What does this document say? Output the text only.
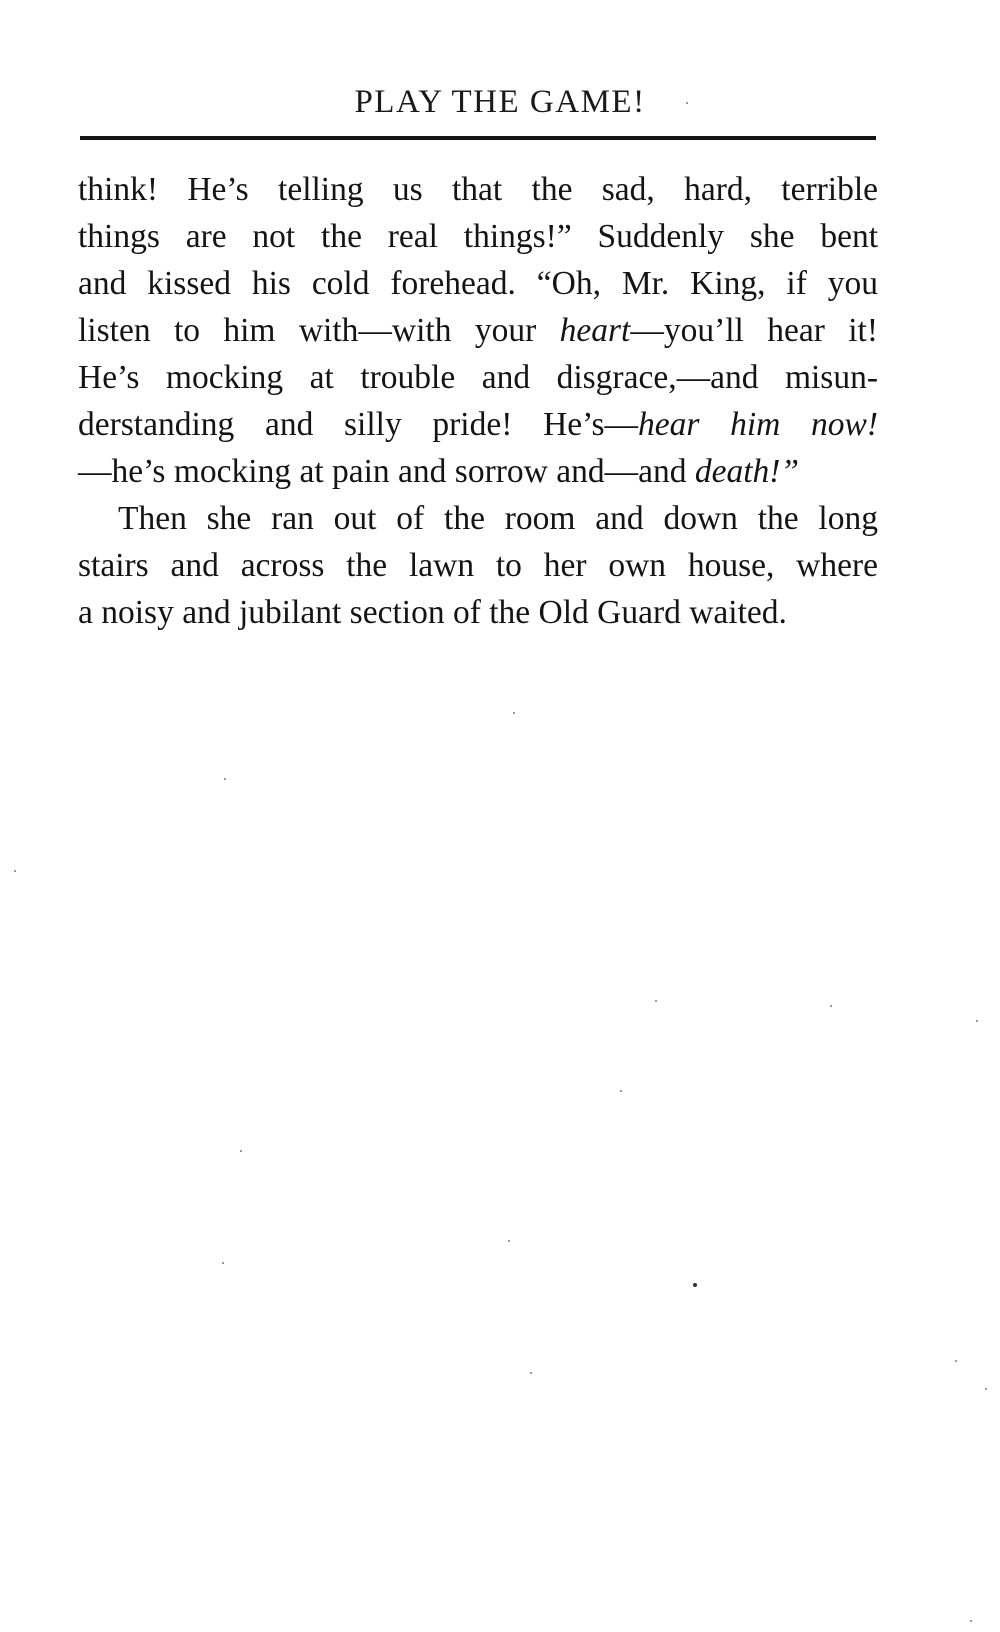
PLAY THE GAME!
think! He’s telling us that the sad, hard, terrible
things are not the real things!” Suddenly she bent
and kissed his cold forehead. “Oh, Mr. King, if you
listen to him with—with your heart—you’ll hear it!
He’s mocking at trouble and disgrace,—and misun-
derstanding and silly pride! He’s—hear him now!
—he’s mocking at pain and sorrow and—and death!”
Then she ran out of the room and down the long
stairs and across the lawn to her own house, where
a noisy and jubilant section of the Old Guard waited.
